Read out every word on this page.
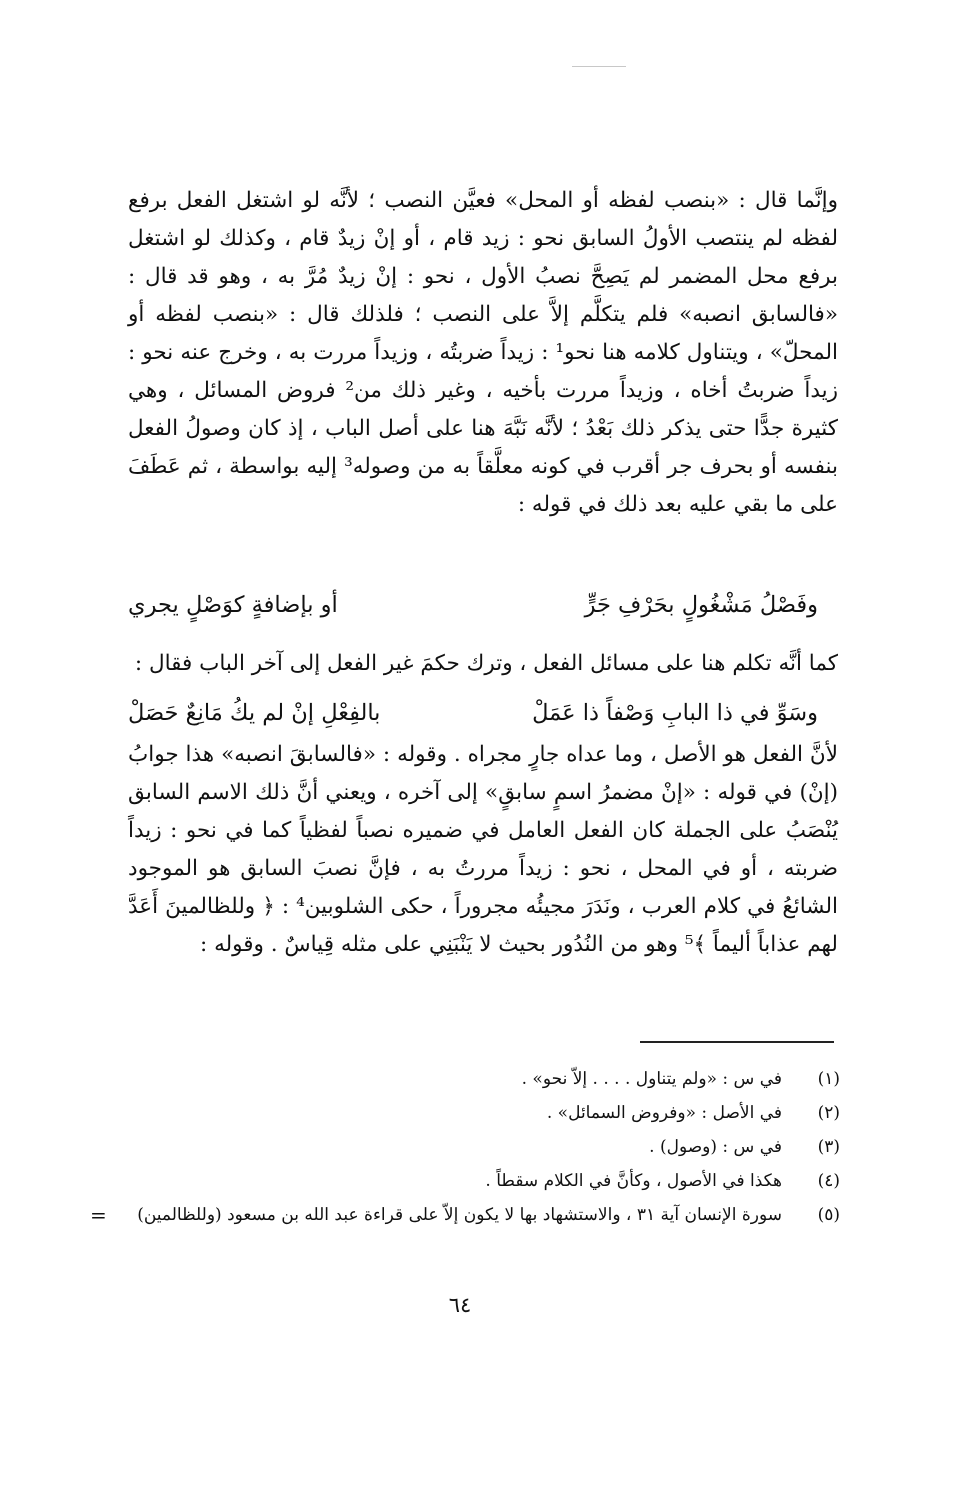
وإنَّما قال : «بنصب لفظه أو المحل» فعيَّن النصب ؛ لأنَّه لو اشتغل الفعل برفع لفظه لم ينتصب الأولُ السابق نحو : زيد قام ، أو إنْ زيدٌ قام ، وكذلك لو اشتغل برفع محل المضمر لم يَصِحَّ نصبُ الأول ، نحو : إنْ زيدٌ مُرَّ به ، وهو قد قال : «فالسابق انصبه» فلم يتكلَّم إلاَّ على النصب ؛ فلذلك قال : «بنصب لفظه أو المحلّ» ، ويتناول كلامه هنا نحو¹ : زيداً ضربتُه ، وزيداً مررت به ، وخرج عنه نحو : زيداً ضربتُ أخاه ، وزيداً مررت بأخيه ، وغير ذلك من² فروض المسائل ، وهي كثيرة جدًّا حتى يذكر ذلك بَعْدُ ؛ لأنَّه نَبَّهَ هنا على أصل الباب ، إذ كان وصولُ الفعل بنفسه أو بحرف جر أقرب في كونه معلَّقاً به من وصوله³ إليه بواسطة ، ثم عَطَفَ على ما بقي عليه بعد ذلك في قوله :

وفَصْلُ مَشْغُولٍ بحَرْفِ جَرٍّ
أو بإضافةٍ كوَصْلٍ يجري

كما أنَّه تكلم هنا على مسائل الفعل ، وترك حكمَ غير الفعل إلى آخر الباب فقال :

وسَوِّ في ذا البابِ وَصْفاً ذا عَمَلْ
بالفِعْلِ إنْ لم يكُ مَانِعٌ حَصَلْ

لأنَّ الفعل هو الأصل ، وما عداه جارٍ مجراه . وقوله : «فالسابقَ انصبه» هذا جوابُ (إنْ) في قوله : «إنْ مضمرُ اسمٍ سابقٍ» إلى آخره ، ويعني أنَّ ذلك الاسم السابق يُنْصَبُ على الجملة كان الفعل العامل في ضميره نصباً لفظياً كما في نحو : زيداً ضربته ، أو في المحل ، نحو : زيداً مررتُ به ، فإنَّ نصبَ السابق هو الموجود الشائعُ في كلام العرب ، ونَدَرَ مجيئُه مجروراً ، حكى الشلوبين⁴ : ﴿ وللظالمينَ أَعَدَّ لهم عذاباً أليماً ﴾⁵ وهو من النُدُور بحيث لا يَنْبَنِي على مثله قِياسٌ . وقوله :

(١)
في س : «ولم يتناول . . . . إلاّ نحو» .
(٢)
في الأصل : «وفروض السمائل» .
(٣)
في س : (وصول) .
(٤)
هكذا في الأصول ، وكأنَّ في الكلام سقطاً .
(٥)
سورة الإنسان آية ٣١ ، والاستشهاد بها لا يكون إلاّ على قراءة عبد الله بن مسعود (وللظالمين)
=
٦٤
